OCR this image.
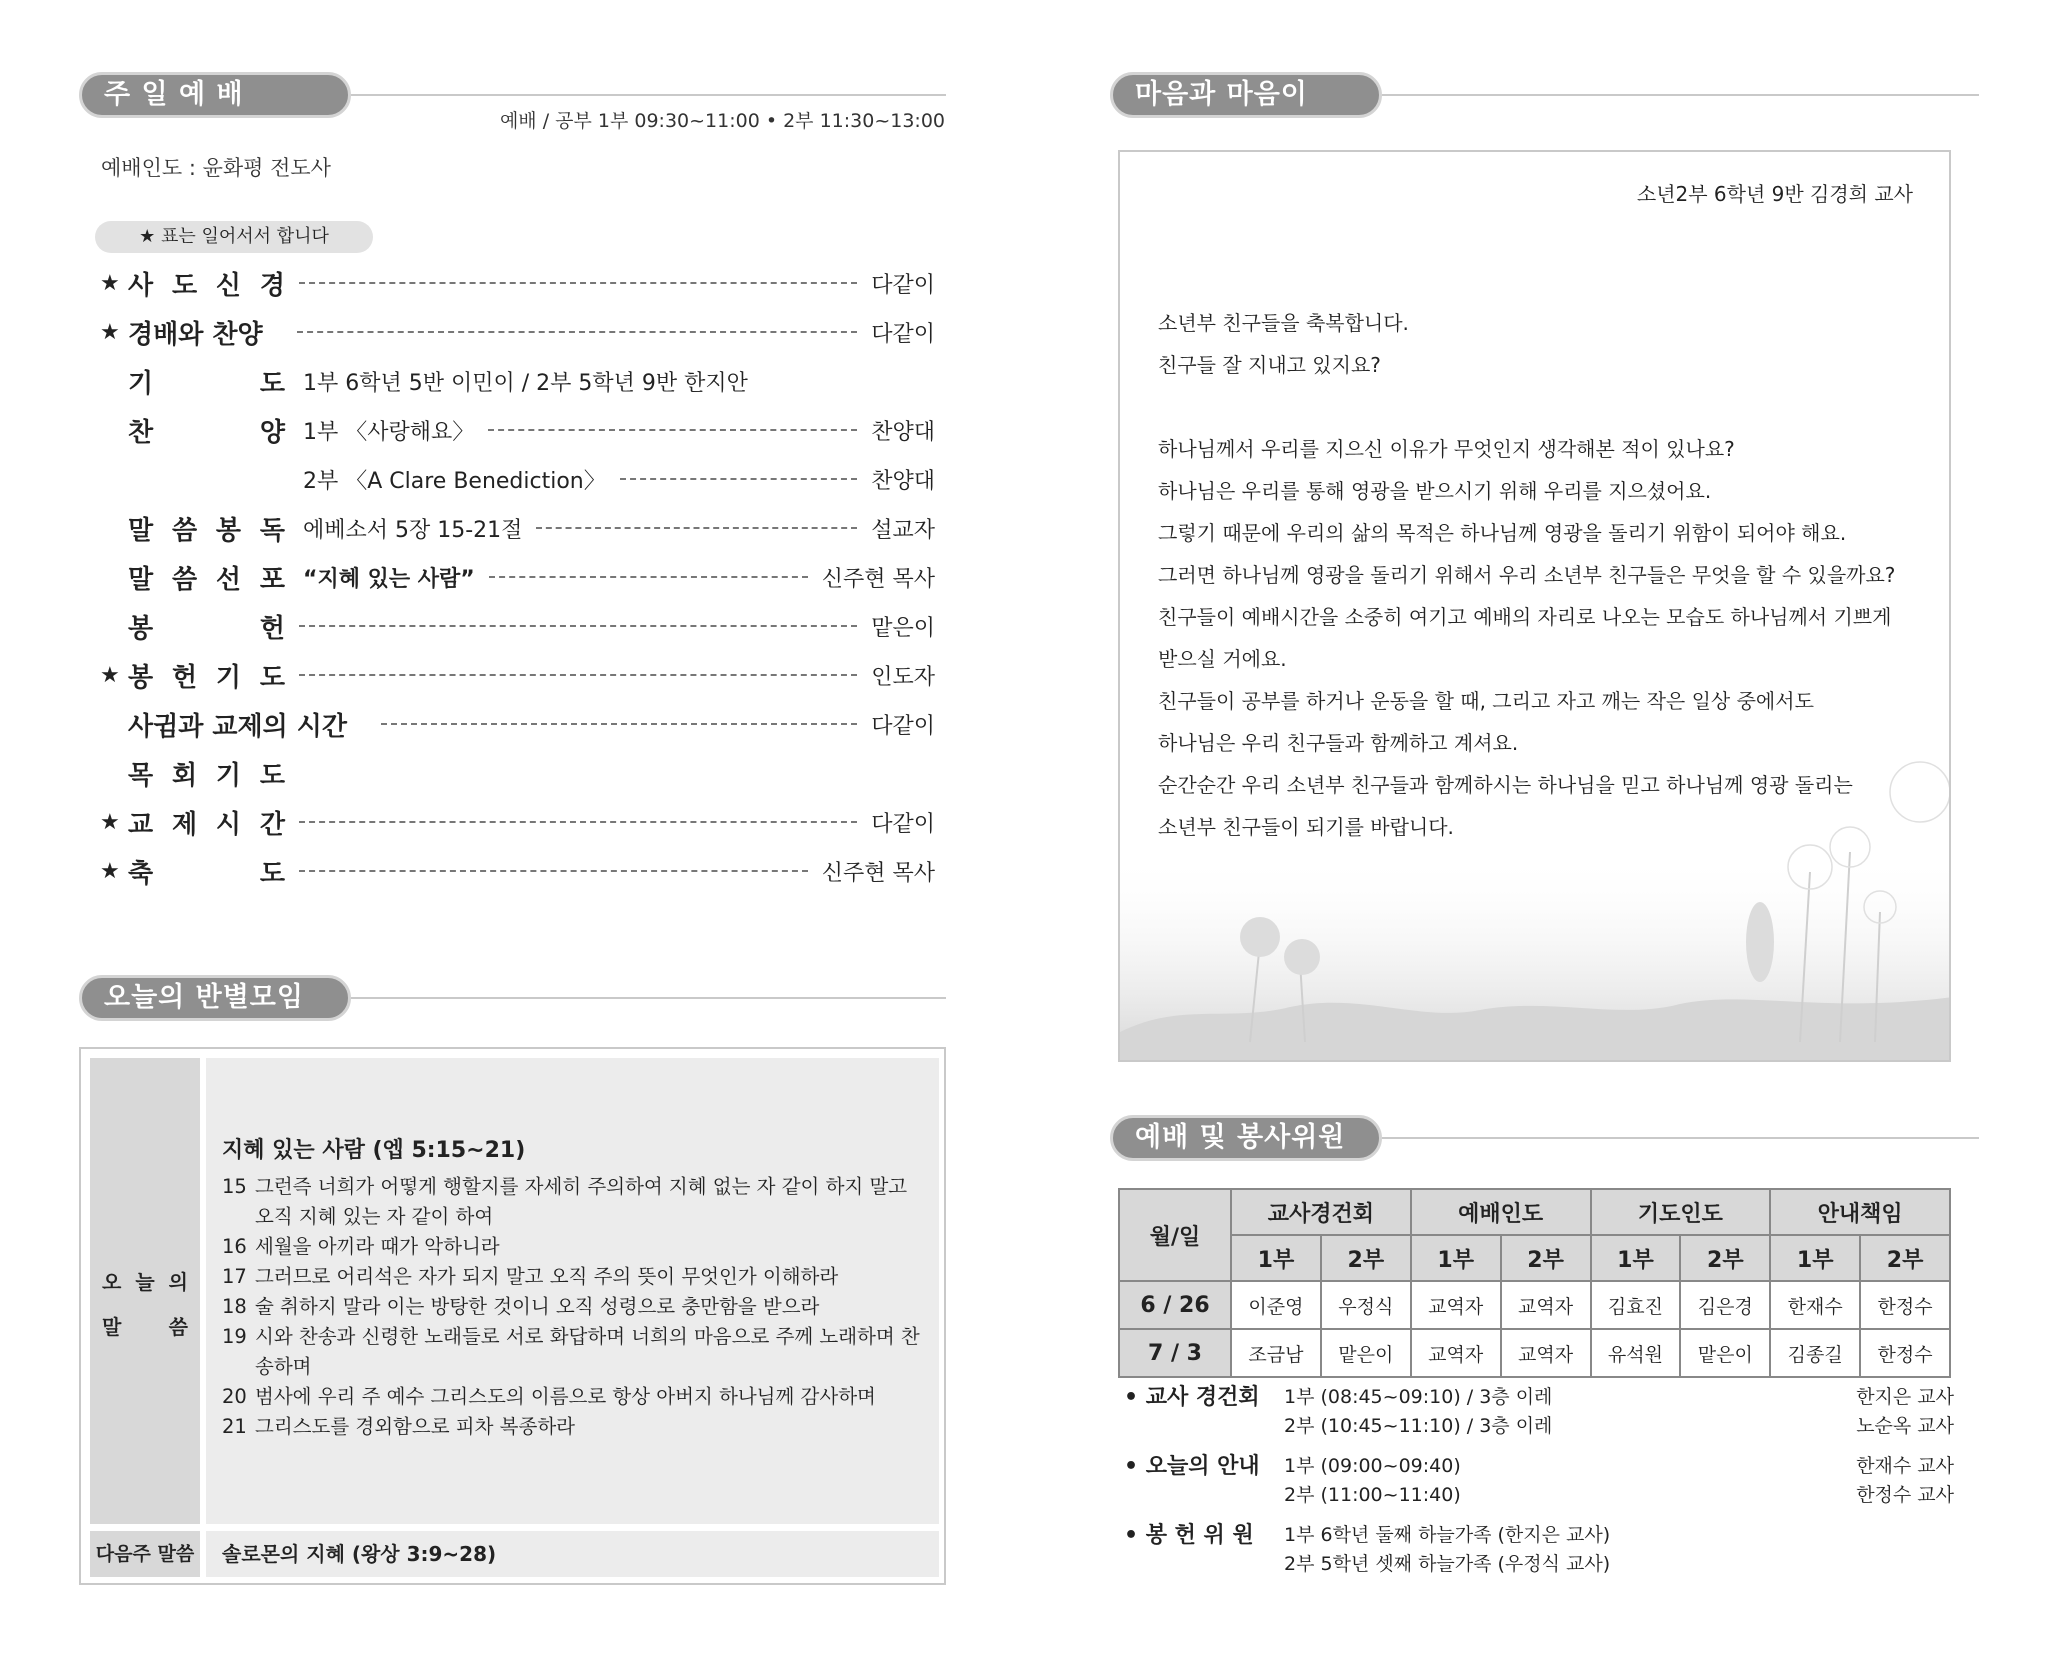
주 일 예 배
예배 / 공부 1부 09:30~11:00 • 2부 11:30~13:00
예배인도 : 윤화평 전도사
★ 표는 일어서서 합니다
★ 사 도 신 경	다같이
★ 경배와 찬양	다같이
기	도 1부 6학년 5반 이민이 / 2부 5학년 9반 한지안
찬	양 1부 〈사랑해요〉	찬양대
2부 〈A Clare Benediction〉	찬양대
말 씀 봉 독 에베소서 5장 15-21절	설교자
말 씀 선 포 “지혜 있는 사람”	신주현 목사
봉	헌	맡은이
★ 봉 헌 기 도	인도자
사귐과 교제의 시간	다같이
목 회 기 도
★ 교 제 시 간	다같이
★ 축	도	신주현 목사
오늘의 반별모임
오 늘 의
말 씀
지혜 있는 사람 (엡 5:15~21)
15 그런즉 너희가 어떻게 행할지를 자세히 주의하여 지혜 없는 자 같이 하지 말고 오직 지혜 있는 자 같이 하여
16 세월을 아끼라 때가 악하니라
17 그러므로 어리석은 자가 되지 말고 오직 주의 뜻이 무엇인가 이해하라
18 술 취하지 말라 이는 방탕한 것이니 오직 성령으로 충만함을 받으라
19 시와 찬송과 신령한 노래들로 서로 화답하며 너희의 마음으로 주께 노래하며 찬송하며
20 범사에 우리 주 예수 그리스도의 이름으로 항상 아버지 하나님께 감사하며
21 그리스도를 경외함으로 피차 복종하라
다음주 말씀	솔로몬의 지혜 (왕상 3:9~28)
마음과 마음이
소년2부 6학년 9반 김경희 교사
소년부 친구들을 축복합니다.
친구들 잘 지내고 있지요?
하나님께서 우리를 지으신 이유가 무엇인지 생각해본 적이 있나요?
하나님은 우리를 통해 영광을 받으시기 위해 우리를 지으셨어요.
그렇기 때문에 우리의 삶의 목적은 하나님께 영광을 돌리기 위함이 되어야 해요.
그러면 하나님께 영광을 돌리기 위해서 우리 소년부 친구들은 무엇을 할 수 있을까요?
친구들이 예배시간을 소중히 여기고 예배의 자리로 나오는 모습도 하나님께서 기쁘게
받으실 거에요.
친구들이 공부를 하거나 운동을 할 때, 그리고 자고 깨는 작은 일상 중에서도
하나님은 우리 친구들과 함께하고 계셔요.
순간순간 우리 소년부 친구들과 함께하시는 하나님을 믿고 하나님께 영광 돌리는
소년부 친구들이 되기를 바랍니다.
예배 및 봉사위원
월/일	교사경건회		예배인도		기도인도		안내책임	
	1부	2부	1부	2부	1부	2부	1부	2부
6 / 26	이준영	우정식	교역자	교역자	김효진	김은경	한재수	한정수
7 / 3	조금남	맡은이	교역자	교역자	유석원	맡은이	김종길	한정수
• 교사 경건회 1부 (08:45~09:10) / 3층 이레	한지은 교사
2부 (10:45~11:10) / 3층 이레	노순옥 교사
• 오늘의 안내 1부 (09:00~09:40)	한재수 교사
2부 (11:00~11:40)	한정수 교사
• 봉 헌 위 원 1부 6학년 둘째 하늘가족 (한지은 교사)
2부 5학년 셋째 하늘가족 (우정식 교사)
